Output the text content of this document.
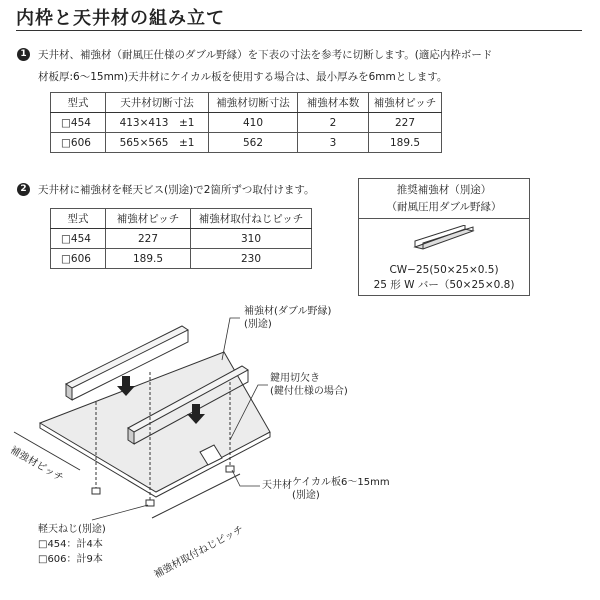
内枠と天井材の組み立て
1	天井材、補強材（耐風圧仕様のダブル野縁）を下表の寸法を参考に切断します。(適応内枠ボード
材板厚:6〜15mm)天井材にケイカル板を使用する場合は、最小厚みを6mmとします。
型式	天井材切断寸法	補強材切断寸法	補強材本数	補強材ピッチ
□454	413×413　±1	410	2	227
□606	565×565　±1	562	3	189.5
2	天井材に補強材を軽天ビス(別途)で2箇所ずつ取付けます。
型式	補強材ピッチ	補強材取付ねじピッチ
□454	227	310
□606	189.5	230
推奨補強材（別途）
（耐風圧用ダブル野縁）
CW−25(50×25×0.5)
25 形 W バー（50×25×0.8)
補強材(ダブル野縁)
(別途)
鍵用切欠き
(鍵付仕様の場合)
天井材 ケイカル板6〜15mm
(別途)
補強材ピッチ
補強材取付ねじピッチ
軽天ねじ(別途)
□454：計4本
□606：計9本
